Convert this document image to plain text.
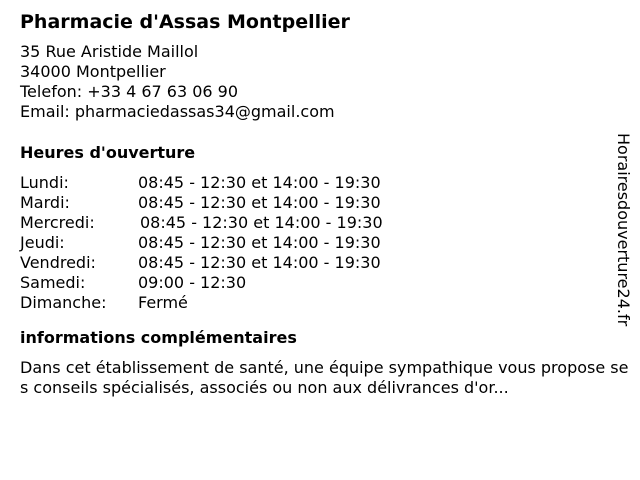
Pharmacie d'Assas Montpellier
35 Rue Aristide Maillol
34000 Montpellier
Telefon: +33 4 67 63 06 90
Email: pharmaciedassas34@gmail.com
Heures d'ouverture
Lundi:	08:45 - 12:30 et 14:00 - 19:30
Mardi:	08:45 - 12:30 et 14:00 - 19:30
Mercredi:	08:45 - 12:30 et 14:00 - 19:30
Jeudi:	08:45 - 12:30 et 14:00 - 19:30
Vendredi:	08:45 - 12:30 et 14:00 - 19:30
Samedi:	09:00 - 12:30
Dimanche: Fermé
informations complémentaires
Dans cet établissement de santé, une équipe sympathique vous propose ses conseils spécialisés, associés ou non aux délivrances d'or...
Horairesdouverture24.fr
